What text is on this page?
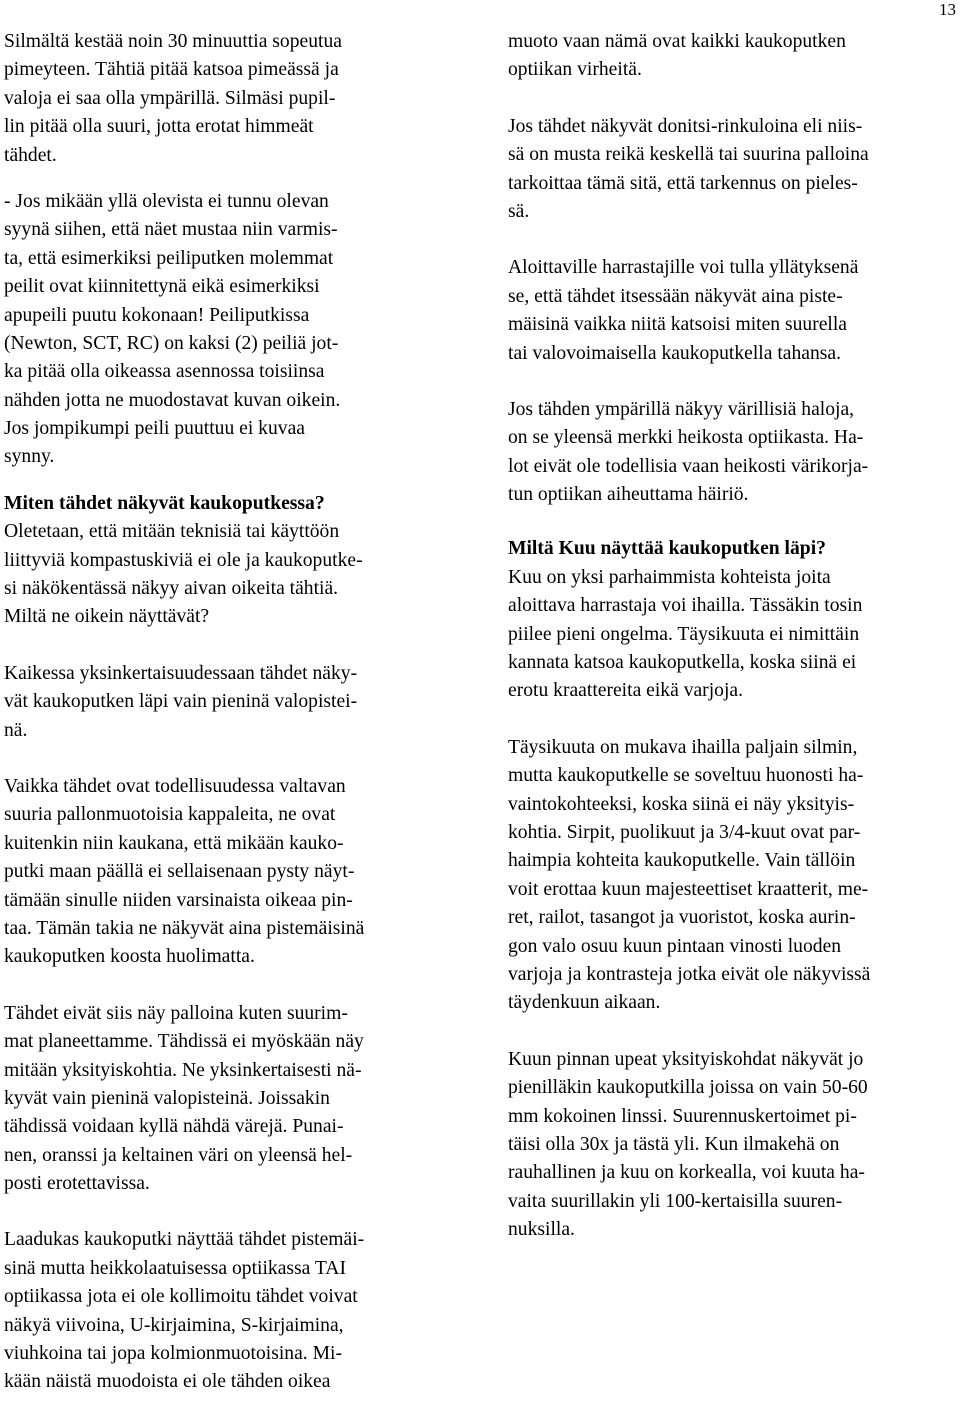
13
Silmältä kestää noin 30 minuuttia sopeutua
pimeyteen. Tähtiä pitää katsoa pimeässä ja
valoja ei saa olla ympärillä. Silmäsi pupil-
lin pitää olla suuri, jotta erotat himmeät
tähdet.
- Jos mikään yllä olevista ei tunnu olevan
syynä siihen, että näet mustaa niin varmis-
ta, että esimerkiksi peiliputken molemmat
peilit ovat kiinnitettynä eikä esimerkiksi
apupeili puutu kokonaan! Peiliputkissa
(Newton, SCT, RC) on kaksi (2) peiliä jot-
ka pitää olla oikeassa asennossa toisiinsa
nähden jotta ne muodostavat kuvan oikein.
Jos jompikumpi peili puuttuu ei kuvaa
synny.
Miten tähdet näkyvät kaukoputkessa?
Oletetaan, että mitään teknisiä tai käyttöön
liittyviä kompastuskiviä ei ole ja kaukoputke-
si näkökentässä näkyy aivan oikeita tähtiä.
Miltä ne oikein näyttävät?
Kaikessa yksinkertaisuudessaan tähdet näky-
vät kaukoputken läpi vain pieninä valopistei-
nä.
Vaikka tähdet ovat todellisuudessa valtavan
suuria pallonmuotoisia kappaleita, ne ovat
kuitenkin niin kaukana, että mikään kauko-
putki maan päällä ei sellaisenaan pysty näyt-
tämään sinulle niiden varsinaista oikeaa pin-
taa. Tämän takia ne näkyvät aina pistemäisinä
kaukoputken koosta huolimatta.
Tähdet eivät siis näy palloina kuten suurim-
mat planeettamme. Tähdissä ei myöskään näy
mitään yksityiskohtia. Ne yksinkertaisesti nä-
kyvät vain pieninä valopisteinä. Joissakin
tähdissä voidaan kyllä nähdä värejä. Punai-
nen, oranssi ja keltainen väri on yleensä hel-
posti erotettavissa.
Laadukas kaukoputki näyttää tähdet pistemäi-
sinä mutta heikkolaatuisessa optiikassa TAI
optiikassa jota ei ole kollimoitu tähdet voivat
näkyä viivoina, U-kirjaimina, S-kirjaimina,
viuhkoina tai jopa kolmionmuotoisina. Mi-
kään näistä muodoista ei ole tähden oikea
muoto vaan nämä ovat kaikki kaukoputken
optiikan virheitä.
Jos tähdet näkyvät donitsi-rinkuloina eli niis-
sä on musta reikä keskellä tai suurina palloina
tarkoittaa tämä sitä, että tarkennus on pieles-
sä.
Aloittaville harrastajille voi tulla yllätyksenä
se, että tähdet itsessään näkyvät aina piste-
mäisinä vaikka niitä katsoisi miten suurella
tai valovoimaisella kaukoputkella tahansa.
Jos tähden ympärillä näkyy värillisiä haloja,
on se yleensä merkki heikosta optiikasta. Ha-
lot eivät ole todellisia vaan heikosti värikorja-
tun optiikan aiheuttama häiriö.
Miltä Kuu näyttää kaukoputken läpi?
Kuu on yksi parhaimmista kohteista joita
aloittava harrastaja voi ihailla. Tässäkin tosin
piilee pieni ongelma. Täysikuuta ei nimittäin
kannata katsoa kaukoputkella, koska siinä ei
erotu kraattereita eikä varjoja.
Täysikuuta on mukava ihailla paljain silmin,
mutta kaukoputkelle se soveltuu huonosti ha-
vaintokohteeksi, koska siinä ei näy yksityis-
kohtia. Sirpit, puolikuut ja 3/4-kuut ovat par-
haimpia kohteita kaukoputkelle. Vain tällöin
voit erottaa kuun majesteettiset kraatterit, me-
ret, railot, tasangot ja vuoristot, koska aurin-
gon valo osuu kuun pintaan vinosti luoden
varjoja ja kontrasteja jotka eivät ole näkyvissä
täydenkuun aikaan.
Kuun pinnan upeat yksityiskohdat näkyvät jo
pienilläkin kaukoputkilla joissa on vain 50-60
mm kokoinen linssi. Suurennuskertoimet pi-
täisi olla 30x ja tästä yli. Kun ilmakehä on
rauhallinen ja kuu on korkealla, voi kuuta ha-
vaita suurillakin yli 100-kertaisilla suuren-
nuksilla.
